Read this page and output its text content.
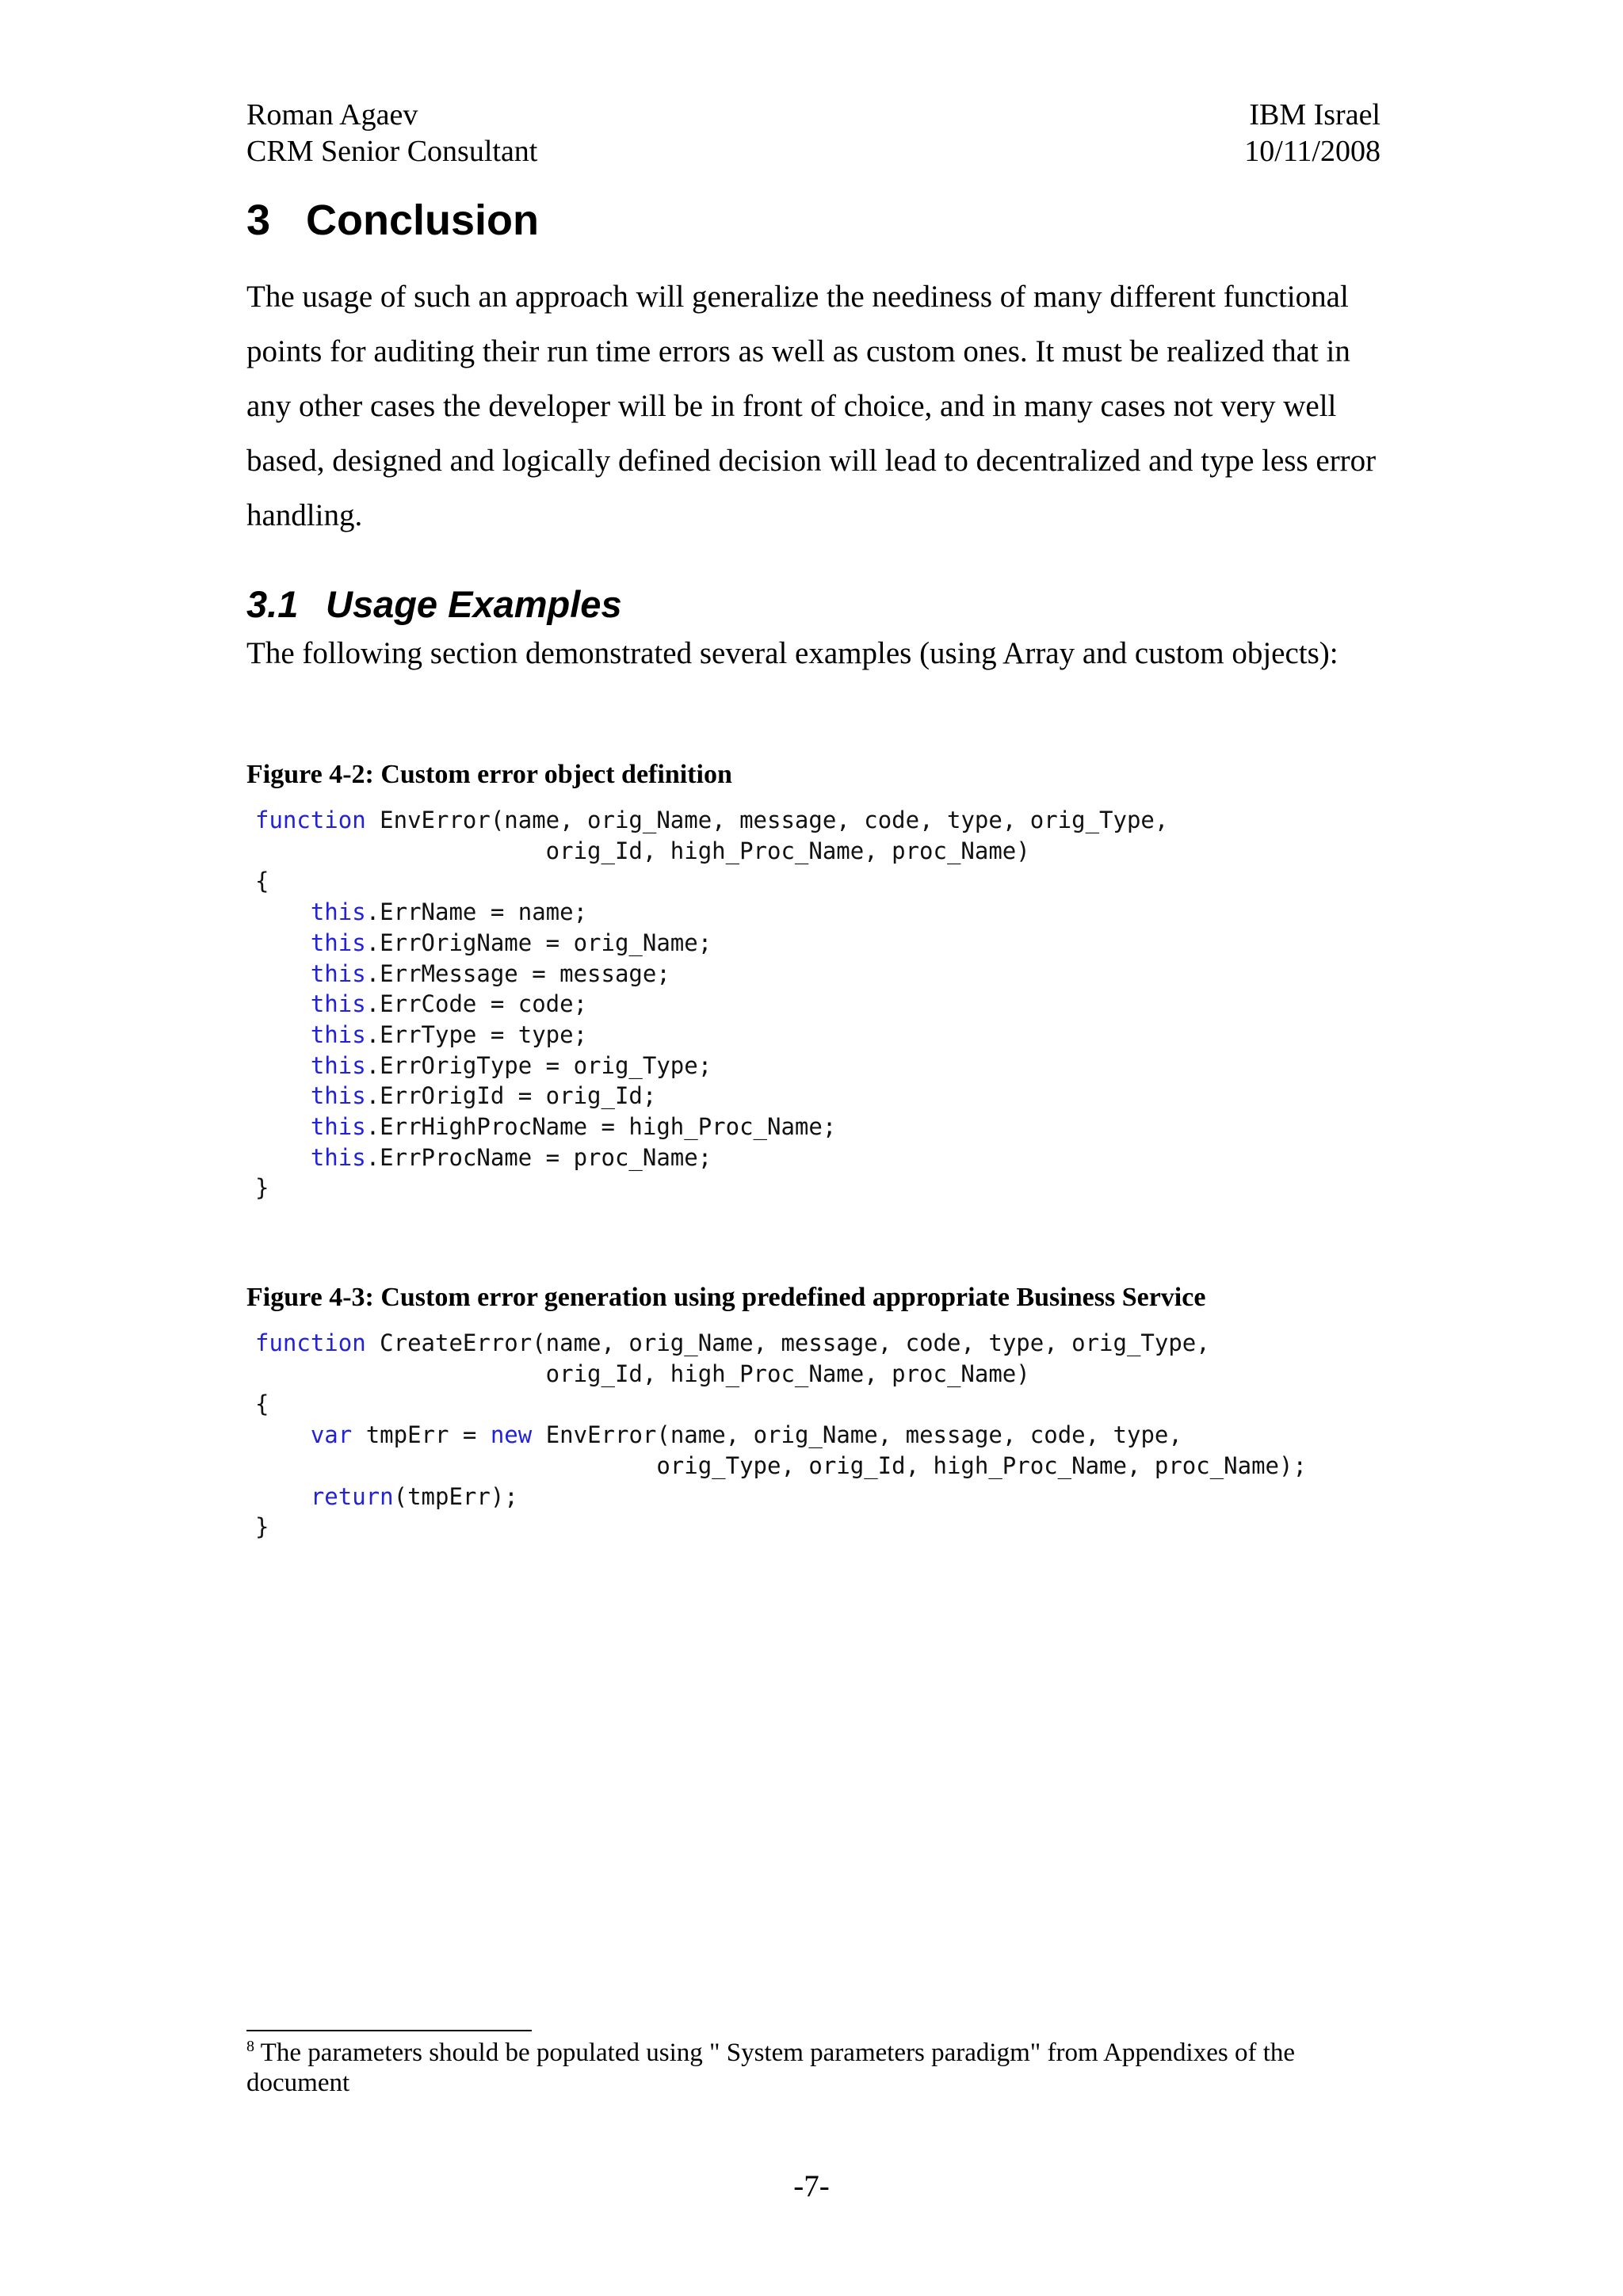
Roman Agaev
CRM Senior Consultant
IBM Israel
10/11/2008
3 Conclusion

The usage of such an approach will generalize the neediness of many different functional points for auditing their run time errors as well as custom ones. It must be realized that in any other cases the developer will be in front of choice, and in many cases not very well based, designed and logically defined decision will lead to decentralized and type less error handling.

3.1 Usage Examples

The following section demonstrated several examples (using Array and custom objects):

Figure 4-2: Custom error object definition

function EnvError(name, orig_Name, message, code, type, orig_Type,
orig_Id, high_Proc_Name, proc_Name)
{
this.ErrName = name;
this.ErrOrigName = orig_Name;
this.ErrMessage = message;
this.ErrCode = code;
this.ErrType = type;
this.ErrOrigType = orig_Type;
this.ErrOrigId = orig_Id;
this.ErrHighProcName = high_Proc_Name;
this.ErrProcName = proc_Name;
}

Figure 4-3: Custom error generation using predefined appropriate Business Service

function CreateError(name, orig_Name, message, code, type, orig_Type,
orig_Id, high_Proc_Name, proc_Name)
{
var tmpErr = new EnvError(name, orig_Name, message, code, type,
orig_Type, orig_Id, high_Proc_Name, proc_Name);
return(tmpErr);
}

$^8$ The parameters should be populated using " System parameters paradigm" from Appendixes of the document

-7-
